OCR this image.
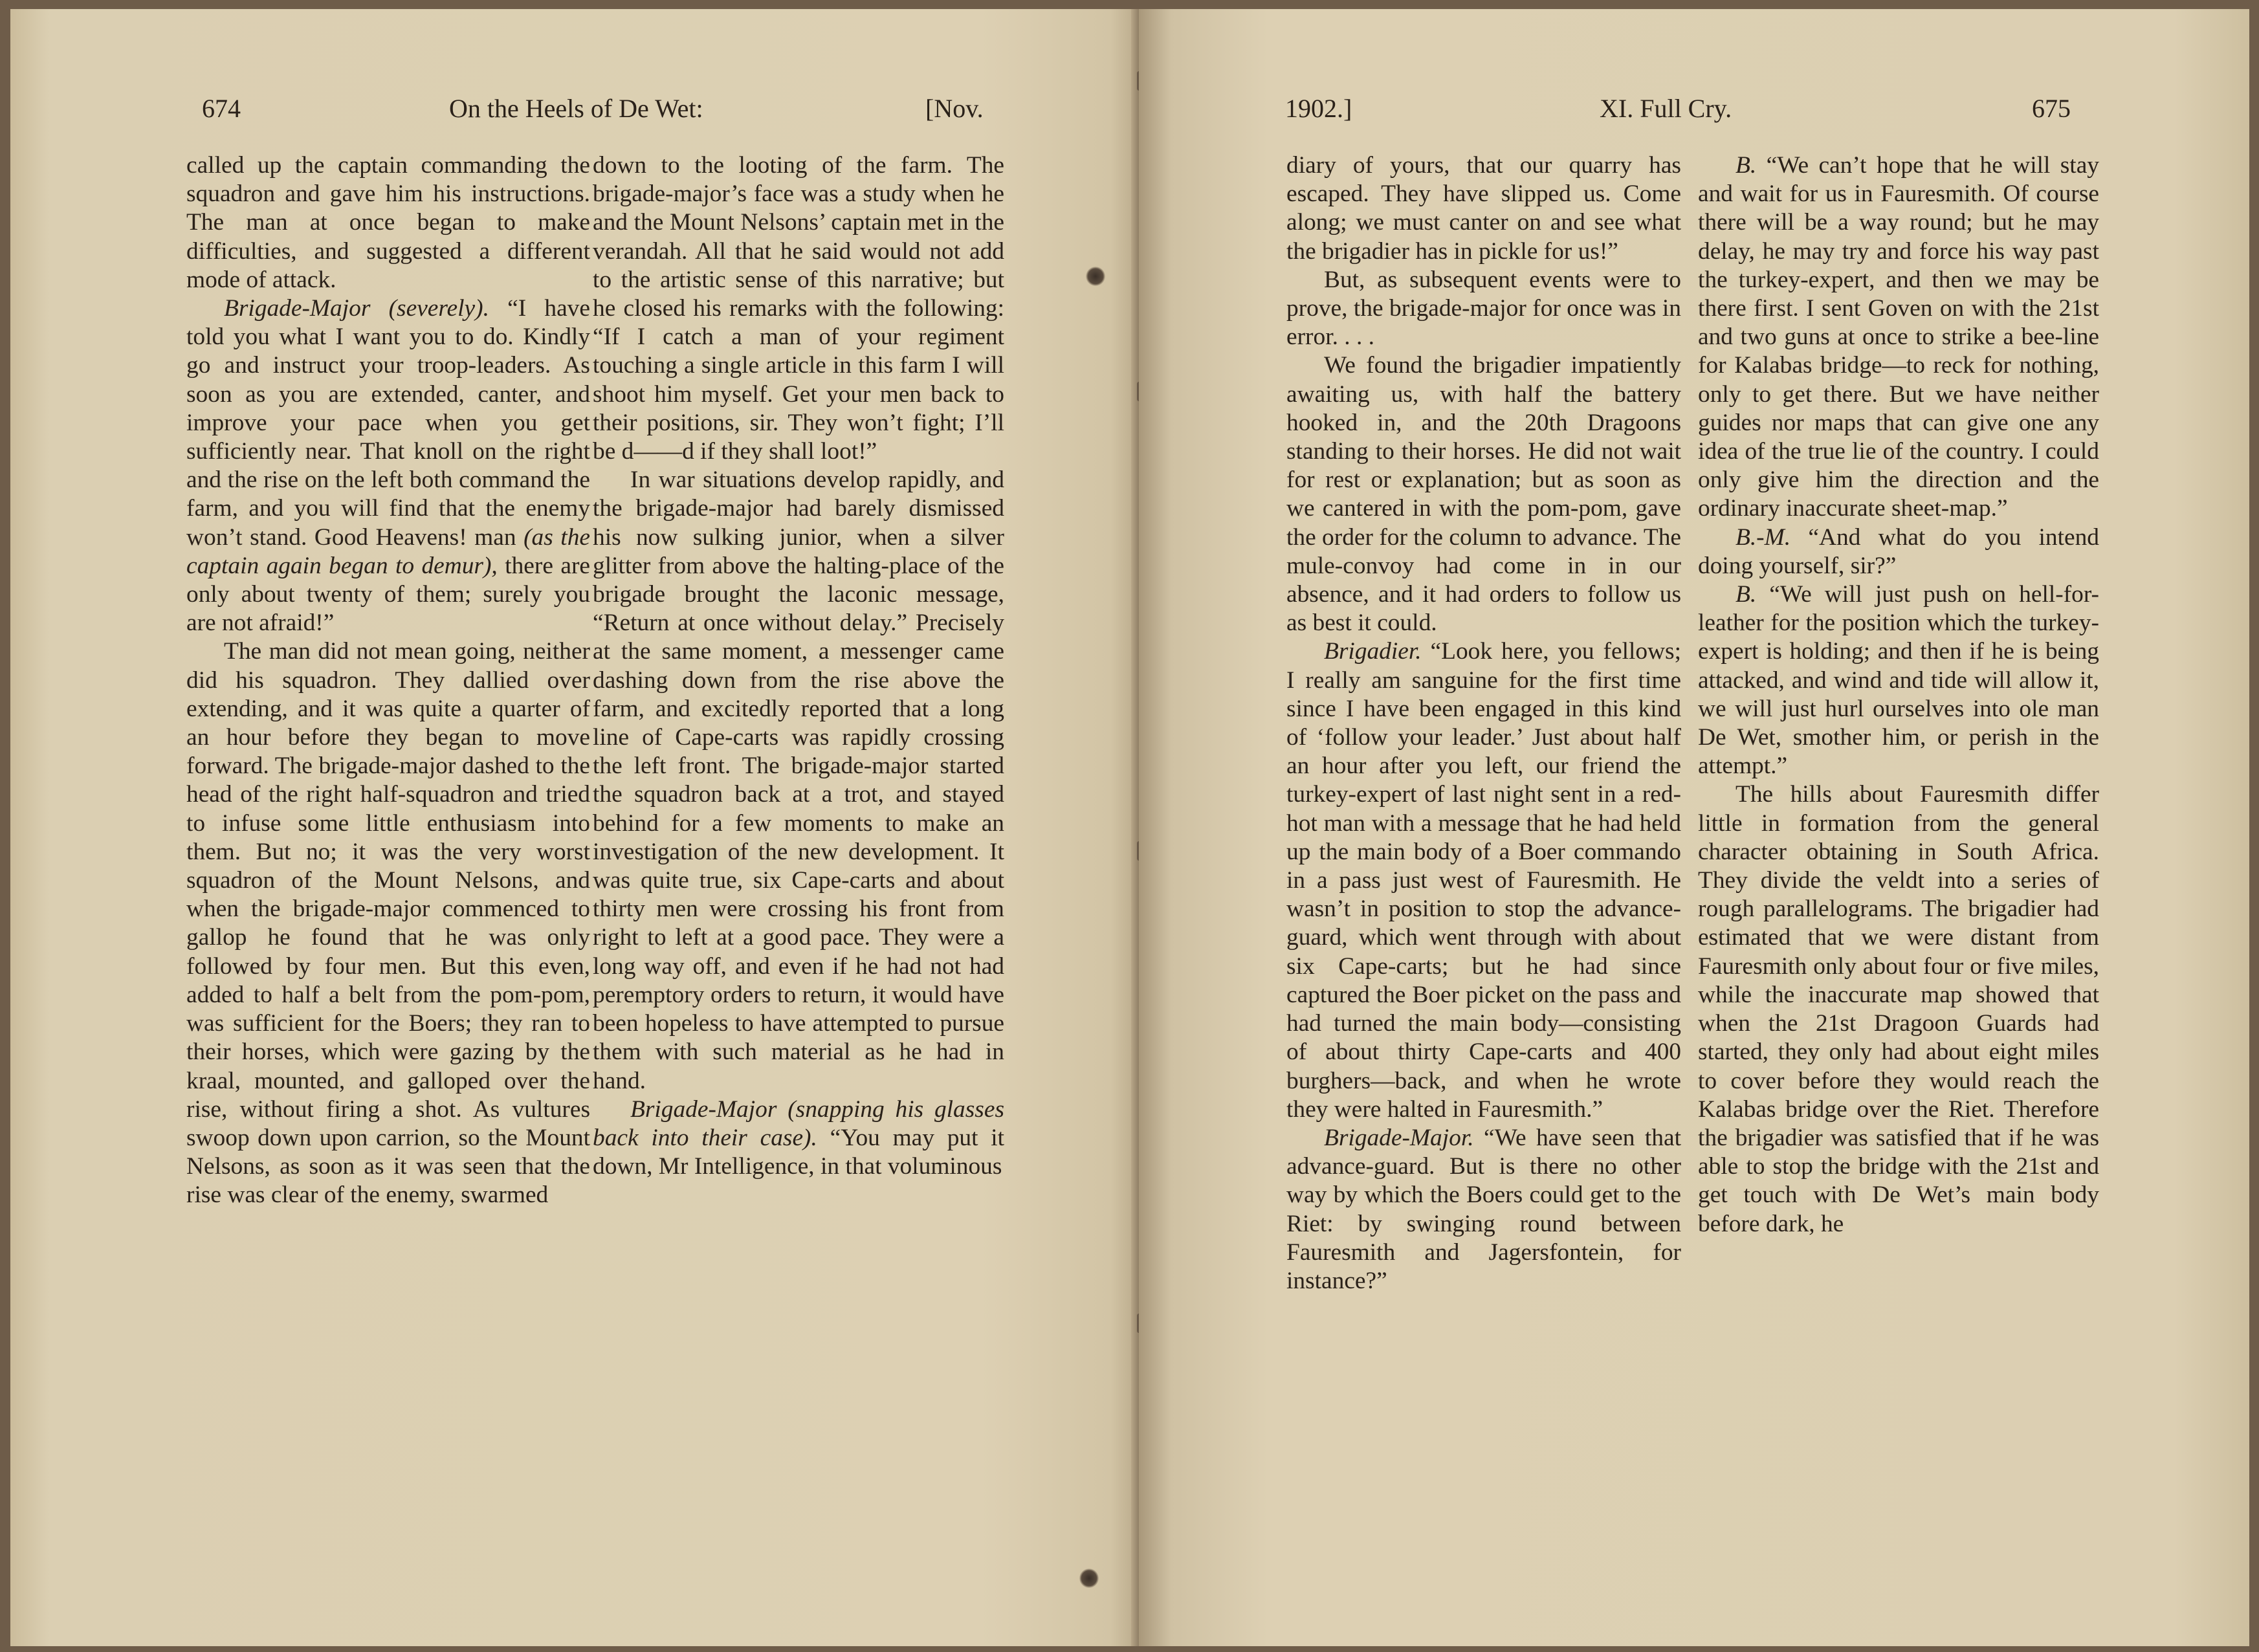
674	On the Heels of De Wet:	[Nov.

called up the captain commanding the squadron and gave him his instructions. The man at once began to make difficulties, and suggested a different mode of attack.

Brigade-Major (severely). “I have told you what I want you to do. Kindly go and instruct your troop-leaders. As soon as you are extended, canter, and improve your pace when you get sufficiently near. That knoll on the right and the rise on the left both command the farm, and you will find that the enemy won’t stand. Good Heavens! man (as the captain again began to demur), there are only about twenty of them; surely you are not afraid!”

The man did not mean going, neither did his squadron. They dallied over extending, and it was quite a quarter of an hour before they began to move forward. The brigade-major dashed to the head of the right half-squadron and tried to infuse some little enthusiasm into them. But no; it was the very worst squadron of the Mount Nelsons, and when the brigade-major commenced to gallop he found that he was only followed by four men. But this even, added to half a belt from the pom-pom, was sufficient for the Boers; they ran to their horses, which were gazing by the kraal, mounted, and galloped over the rise, without firing a shot. As vultures swoop down upon carrion, so the Mount Nelsons, as soon as it was seen that the rise was clear of the enemy, swarmed

down to the looting of the farm. The brigade-major’s face was a study when he and the Mount Nelsons’ captain met in the verandah. All that he said would not add to the artistic sense of this narrative; but he closed his remarks with the following: “If I catch a man of your regiment touching a single article in this farm I will shoot him myself. Get your men back to their positions, sir. They won’t fight; I’ll be d——d if they shall loot!”

In war situations develop rapidly, and the brigade-major had barely dismissed his now sulking junior, when a silver glitter from above the halting-place of the brigade brought the laconic message, “Return at once without delay.” Precisely at the same moment, a messenger came dashing down from the rise above the farm, and excitedly reported that a long line of Cape-carts was rapidly crossing the left front. The brigade-major started the squadron back at a trot, and stayed behind for a few moments to make an investigation of the new development. It was quite true, six Cape-carts and about thirty men were crossing his front from right to left at a good pace. They were a long way off, and even if he had not had peremptory orders to return, it would have been hopeless to have attempted to pursue them with such material as he had in hand.

Brigade-Major (snapping his glasses back into their case). “You may put it down, Mr Intelligence, in that voluminous

1902.]	XI. Full Cry.	675

diary of yours, that our quarry has escaped. They have slipped us. Come along; we must canter on and see what the brigadier has in pickle for us!”

But, as subsequent events were to prove, the brigade-major for once was in error. . . .

We found the brigadier impatiently awaiting us, with half the battery hooked in, and the 20th Dragoons standing to their horses. He did not wait for rest or explanation; but as soon as we cantered in with the pom-pom, gave the order for the column to advance. The mule-convoy had come in in our absence, and it had orders to follow us as best it could.

Brigadier. “Look here, you fellows; I really am sanguine for the first time since I have been engaged in this kind of ‘follow your leader.’ Just about half an hour after you left, our friend the turkey-expert of last night sent in a red-hot man with a message that he had held up the main body of a Boer commando in a pass just west of Fauresmith. He wasn’t in position to stop the advance-guard, which went through with about six Cape-carts; but he had since captured the Boer picket on the pass and had turned the main body—consisting of about thirty Cape-carts and 400 burghers—back, and when he wrote they were halted in Fauresmith.”

Brigade-Major. “We have seen that advance-guard. But is there no other way by which the Boers could get to the Riet: by swinging round between Fauresmith and Jagersfontein, for instance?”

B. “We can’t hope that he will stay and wait for us in Fauresmith. Of course there will be a way round; but he may delay, he may try and force his way past the turkey-expert, and then we may be there first. I sent Goven on with the 21st and two guns at once to strike a bee-line for Kalabas bridge—to reck for nothing, only to get there. But we have neither guides nor maps that can give one any idea of the true lie of the country. I could only give him the direction and the ordinary inaccurate sheet-map.”

B.-M. “And what do you intend doing yourself, sir?”

B. “We will just push on hell-for-leather for the position which the turkey-expert is holding; and then if he is being attacked, and wind and tide will allow it, we will just hurl ourselves into ole man De Wet, smother him, or perish in the attempt.”

The hills about Fauresmith differ little in formation from the general character obtaining in South Africa. They divide the veldt into a series of rough parallelograms. The brigadier had estimated that we were distant from Fauresmith only about four or five miles, while the inaccurate map showed that when the 21st Dragoon Guards had started, they only had about eight miles to cover before they would reach the Kalabas bridge over the Riet. Therefore the brigadier was satisfied that if he was able to stop the bridge with the 21st and get touch with De Wet’s main body before dark, he
